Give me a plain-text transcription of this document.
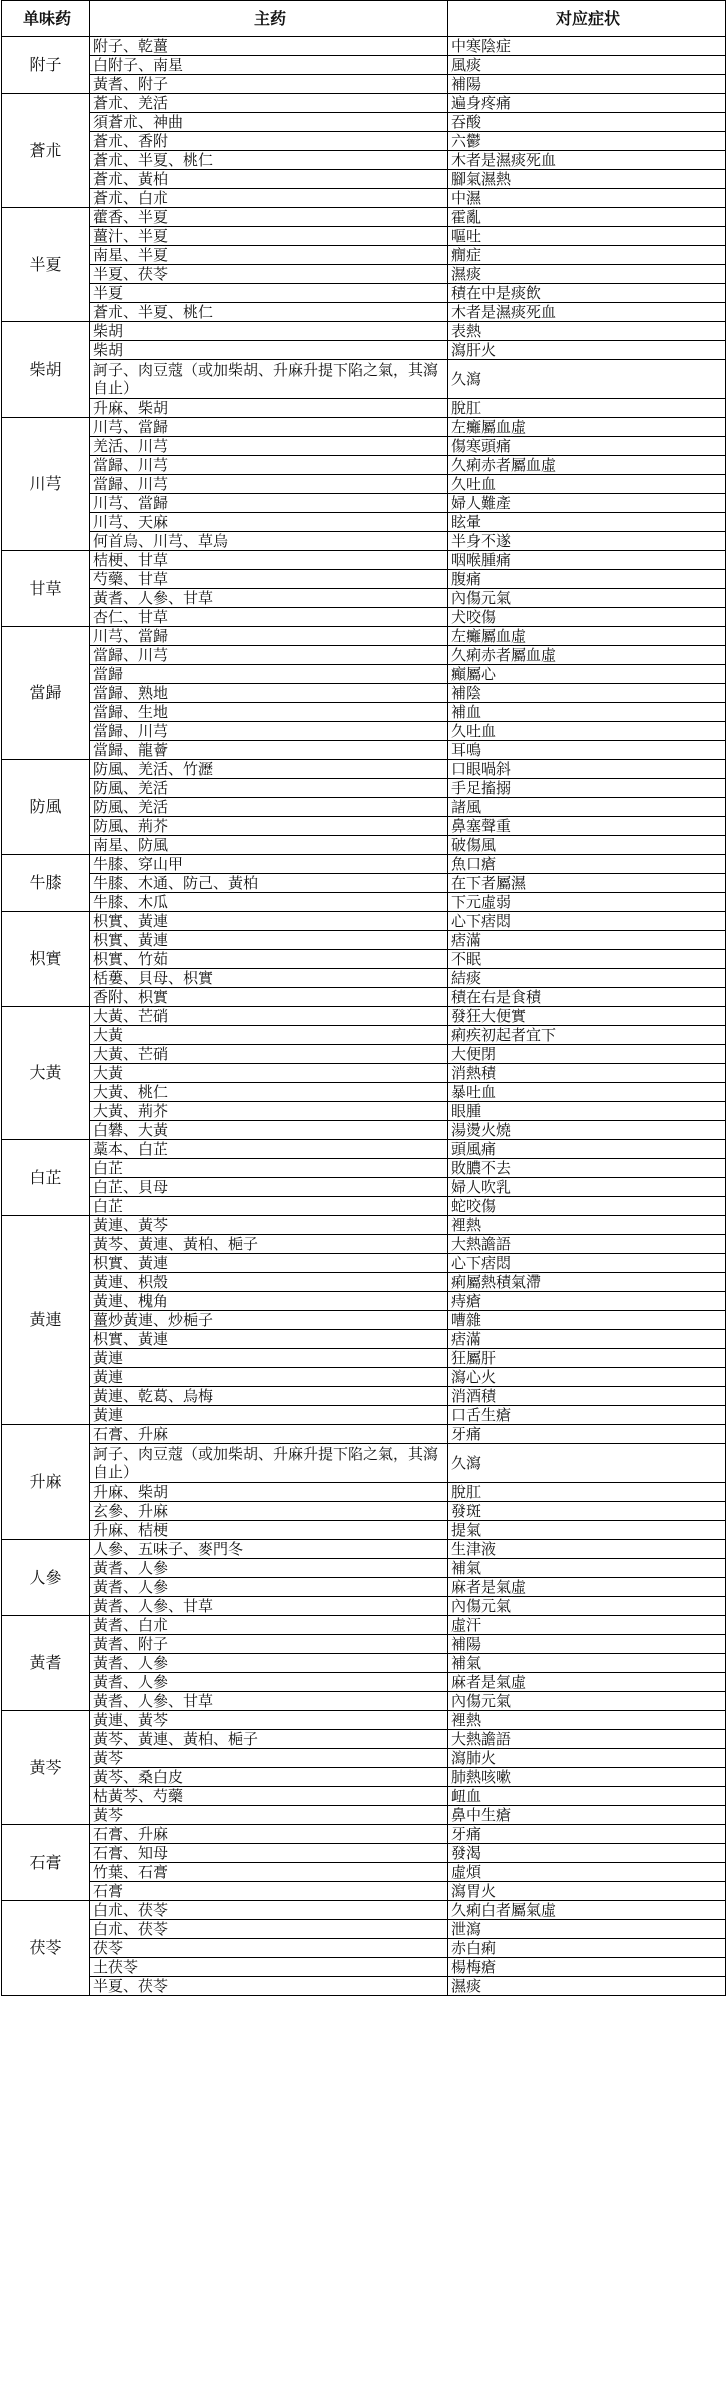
单味药	主药	对应症状
附子	附子、乾薑	中寒陰症
	白附子、南星	風痰
	黃耆、附子	補陽
蒼朮	蒼朮、羌活	遍身疼痛
	須蒼朮、神曲	吞酸
	蒼朮、香附	六鬱
	蒼朮、半夏、桃仁	木者是濕痰死血
	蒼朮、黃柏	腳氣濕熱
	蒼朮、白朮	中濕
半夏	藿香、半夏	霍亂
	薑汁、半夏	嘔吐
	南星、半夏	癇症
	半夏、茯苓	濕痰
	半夏	積在中是痰飲
	蒼朮、半夏、桃仁	木者是濕痰死血
柴胡	柴胡	表熱
	柴胡	瀉肝火
	訶子、肉豆蔻（或加柴胡、升麻升提下陷之氣，其瀉自止）	久瀉
	升麻、柴胡	脫肛
川芎	川芎、當歸	左癱屬血虛
	羌活、川芎	傷寒頭痛
	當歸、川芎	久痢赤者屬血虛
	當歸、川芎	久吐血
	川芎、當歸	婦人難產
	川芎、天麻	眩暈
	何首烏、川芎、草烏	半身不遂
甘草	桔梗、甘草	咽喉腫痛
	芍藥、甘草	腹痛
	黃耆、人參、甘草	內傷元氣
	杏仁、甘草	犬咬傷
當歸	川芎、當歸	左癱屬血虛
	當歸、川芎	久痢赤者屬血虛
	當歸	癲屬心
	當歸、熟地	補陰
	當歸、生地	補血
	當歸、川芎	久吐血
	當歸、龍薈	耳鳴
防風	防風、羌活、竹瀝	口眼喎斜
	防風、羌活	手足搐搦
	防風、羌活	諸風
	防風、荊芥	鼻塞聲重
	南星、防風	破傷風
牛膝	牛膝、穿山甲	魚口瘡
	牛膝、木通、防己、黃柏	在下者屬濕
	牛膝、木瓜	下元虛弱
枳實	枳實、黃連	心下痞悶
	枳實、黃連	痞滿
	枳實、竹茹	不眠
	栝蔞、貝母、枳實	結痰
	香附、枳實	積在右是食積
大黃	大黃、芒硝	發狂大便實
	大黃	痢疾初起者宜下
	大黃、芒硝	大便閉
	大黃	消熱積
	大黃、桃仁	暴吐血
	大黃、荊芥	眼腫
	白礬、大黃	湯燙火燒
白芷	藁本、白芷	頭風痛
	白芷	敗膿不去
	白芷、貝母	婦人吹乳
	白芷	蛇咬傷
黃連	黃連、黃芩	裡熱
	黃芩、黃連、黃柏、梔子	大熱譫語
	枳實、黃連	心下痞悶
	黃連、枳殼	痢屬熱積氣滯
	黃連、槐角	痔瘡
	薑炒黃連、炒梔子	嘈雜
	枳實、黃連	痞滿
	黃連	狂屬肝
	黃連	瀉心火
	黃連、乾葛、烏梅	消酒積
	黃連	口舌生瘡
升麻	石膏、升麻	牙痛
	訶子、肉豆蔻（或加柴胡、升麻升提下陷之氣，其瀉自止）	久瀉
	升麻、柴胡	脫肛
	玄參、升麻	發斑
	升麻、桔梗	提氣
人參	人參、五味子、麥門冬	生津液
	黃耆、人參	補氣
	黃耆、人參	麻者是氣虛
	黃耆、人參、甘草	內傷元氣
黃耆	黃耆、白朮	虛汗
	黃耆、附子	補陽
	黃耆、人參	補氣
	黃耆、人參	麻者是氣虛
	黃耆、人參、甘草	內傷元氣
黃芩	黃連、黃芩	裡熱
	黃芩、黃連、黃柏、梔子	大熱譫語
	黃芩	瀉肺火
	黃芩、桑白皮	肺熱咳嗽
	枯黃芩、芍藥	衄血
	黃芩	鼻中生瘡
石膏	石膏、升麻	牙痛
	石膏、知母	發渴
	竹葉、石膏	虛煩
	石膏	瀉胃火
茯苓	白朮、茯苓	久痢白者屬氣虛
	白朮、茯苓	泄瀉
	茯苓	赤白痢
	土茯苓	楊梅瘡
	半夏、茯苓	濕痰
